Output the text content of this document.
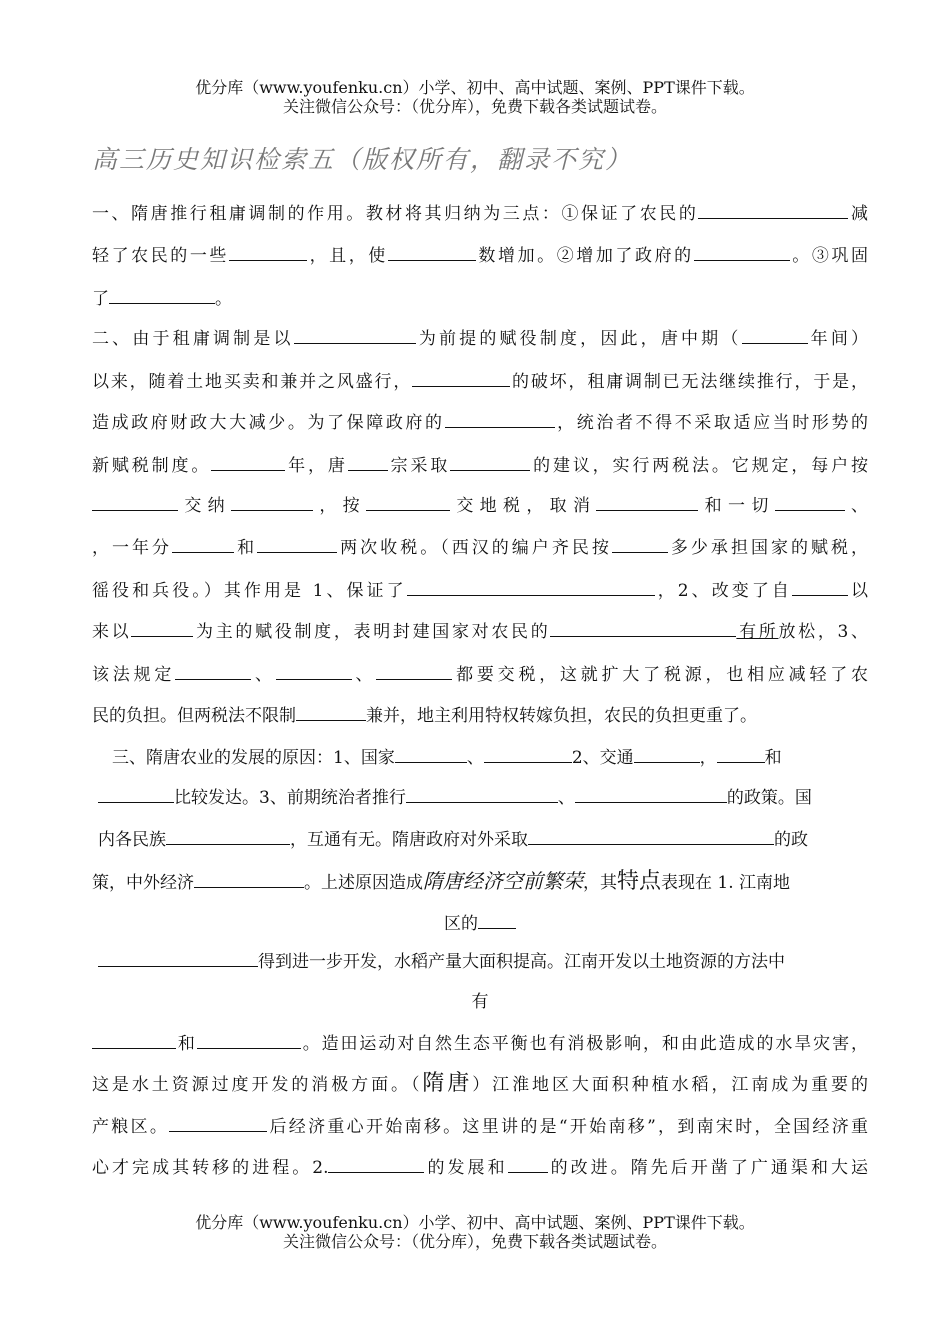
优分库（www.youfenku.cn）小学、初中、高中试题、案例、PPT课件下载。
关注微信公众号：（优分库），免费下载各类试题试卷。
高三历史知识检索五（版权所有，翻录不究）
一、隋唐推行租庸调制的作用。教材将其归纳为三点：①保证了农民的	减
轻了农民的一些	，且，使	数增加。②增加了政府的	。③巩固
了	。
二、由于租庸调制是以	为前提的赋役制度，因此，唐中期（	年间）
以来，随着土地买卖和兼并之风盛行，	的破坏，租庸调制已无法继续推行，于是，
造成政府财政大大减少。为了保障政府的	，统治者不得不采取适应当时形势的
新赋税制度。	年，唐 宗采取	的建议，实行两税法。它规定，每户按
交纳	，按	交地税，取消	和一切	、
，一年分	和	两次收税。（西汉的编户齐民按	多少承担国家的赋税，
徭役和兵役。）其作用是 1、保证了	，2、改变了自	以
来以	为主的赋役制度，表明封建国家对农民的	有所放松，3、
该法规定	、	、	都要交税，这就扩大了税源，也相应减轻了农
民的负担。但两税法不限制	兼并，地主利用特权转嫁负担，农民的负担更重了。
三、隋唐农业的发展的原因：1、国家	、	2、交通	，	和
比较发达。3、前期统治者推行	、	的政策。国
内各民族	，互通有无。隋唐政府对外采取	的政
策，中外经济	。上述原因造成隋唐经济空前繁荣，其特点表现在 1. 江南地
区的
得到进一步开发，水稻产量大面积提高。江南开发以土地资源的方法中
有
和	。造田运动对自然生态平衡也有消极影响，和由此造成的水旱灾害，
这是水土资源过度开发的消极方面。（隋唐）江淮地区大面积种植水稻，江南成为重要的
产粮区。	后经济重心开始南移。这里讲的是“开始南移”，到南宋时，全国经济重
心才完成其转移的进程。2.	的发展和 的改进。隋先后开凿了广通渠和大运
优分库（www.youfenku.cn）小学、初中、高中试题、案例、PPT课件下载。
关注微信公众号：（优分库），免费下载各类试题试卷。
